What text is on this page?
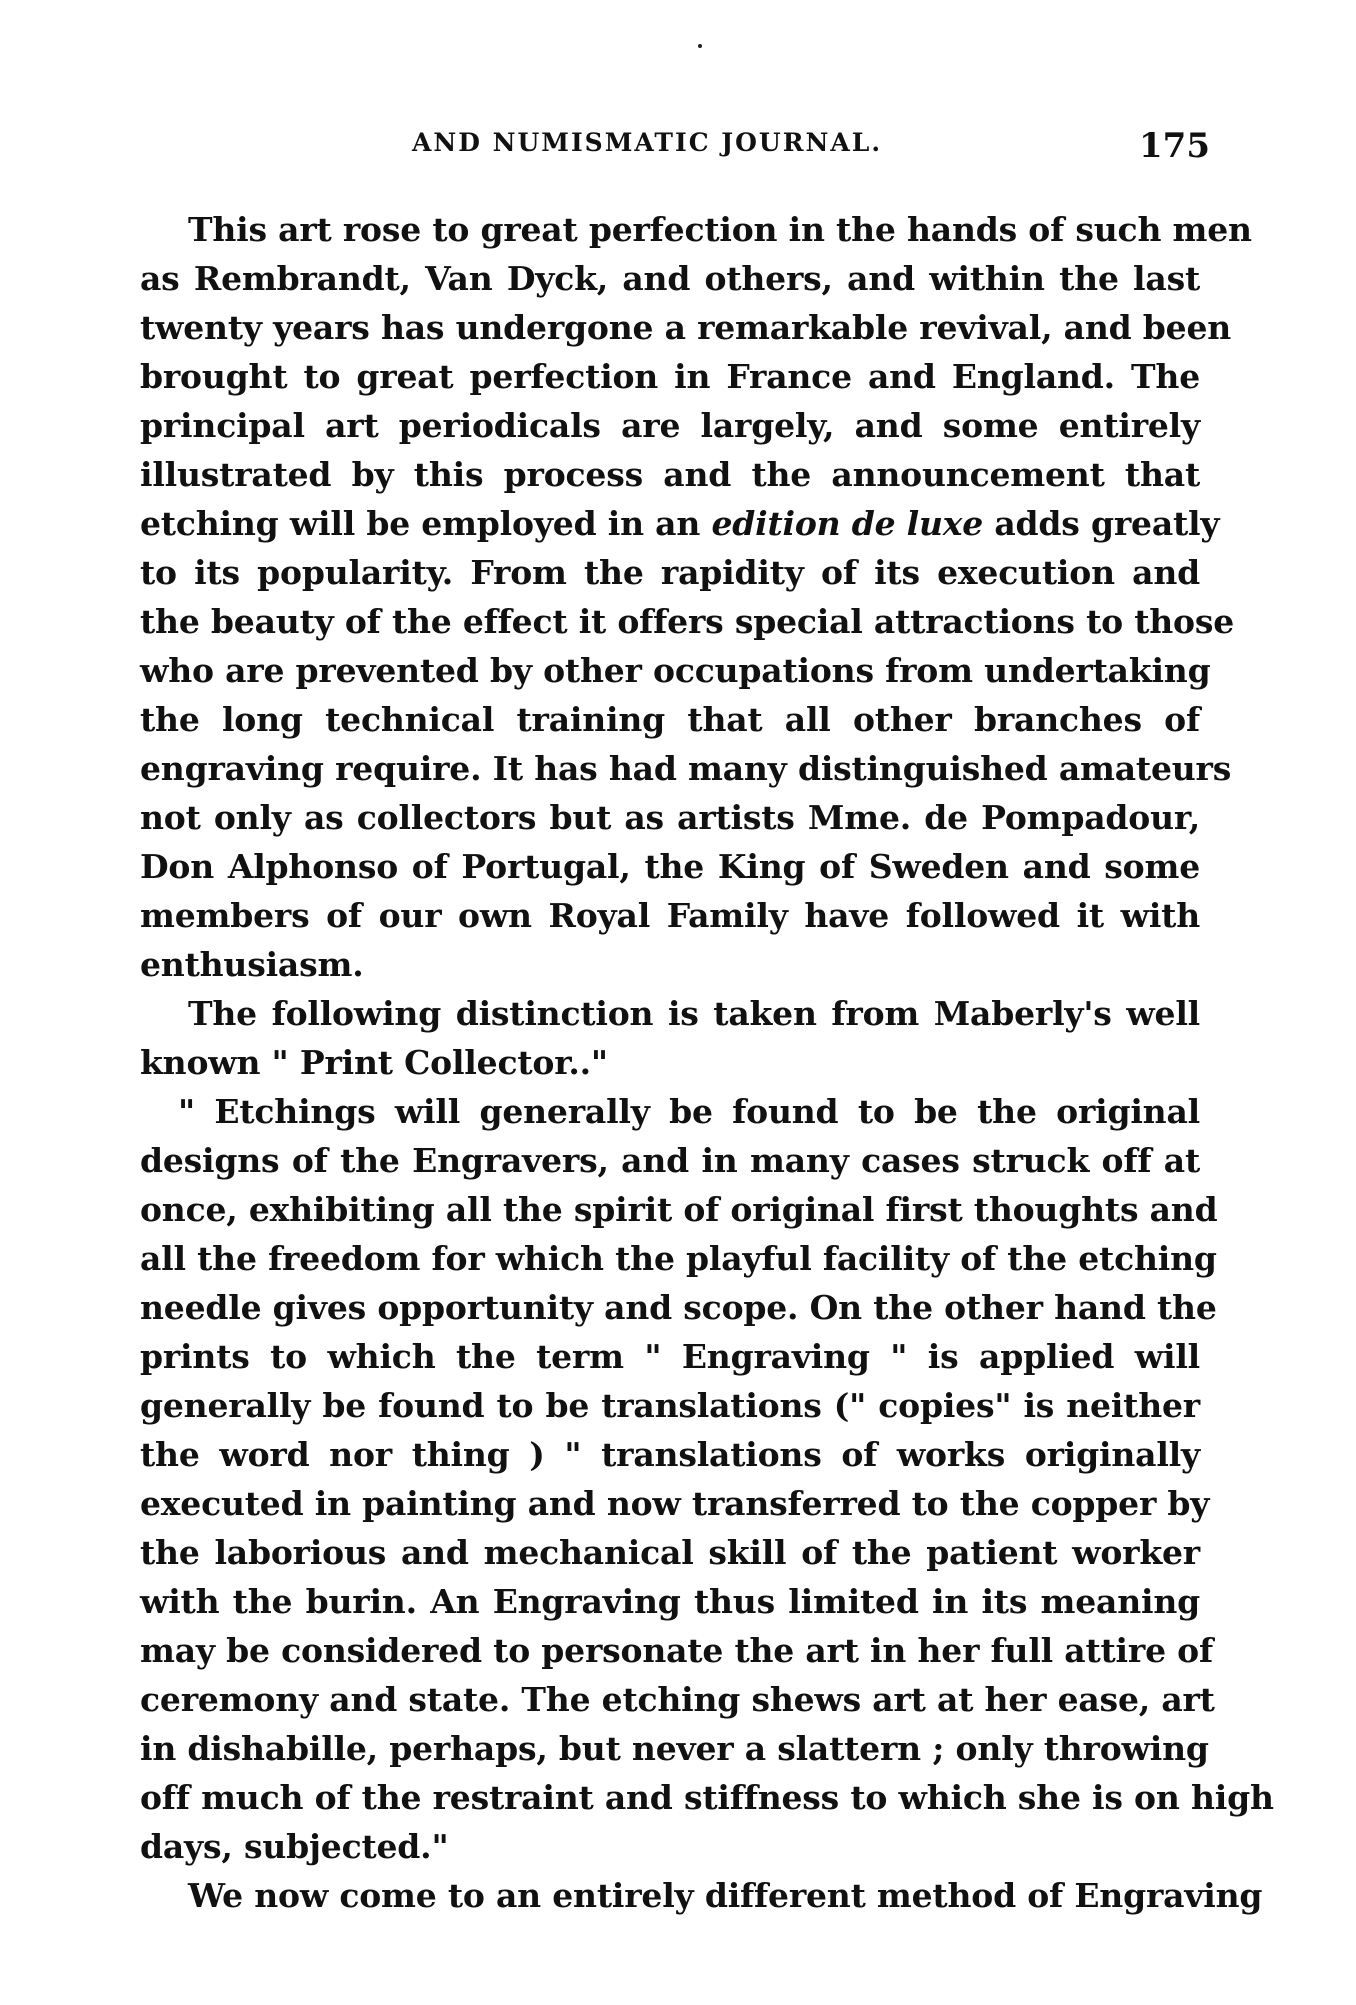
AND NUMISMATIC JOURNAL.	175
This art rose to great perfection in the hands of such men
as Rembrandt, Van Dyck, and others, and within the last
twenty years has undergone a remarkable revival, and been
brought to great perfection in France and England. The
principal art periodicals are largely, and some entirely
illustrated by this process and the announcement that
etching will be employed in an edition de luxe adds greatly
to its popularity. From the rapidity of its execution and
the beauty of the effect it offers special attractions to those
who are prevented by other occupations from undertaking
the long technical training that all other branches of
engraving require. It has had many distinguished amateurs
not only as collectors but as artists Mme. de Pompadour,
Don Alphonso of Portugal, the King of Sweden and some
members of our own Royal Family have followed it with
enthusiasm.
The following distinction is taken from Maberly's well
known " Print Collector.."
" Etchings will generally be found to be the original
designs of the Engravers, and in many cases struck off at
once, exhibiting all the spirit of original first thoughts and
all the freedom for which the playful facility of the etching
needle gives opportunity and scope. On the other hand the
prints to which the term " Engraving " is applied will
generally be found to be translations (" copies" is neither
the word nor thing ) " translations of works originally
executed in painting and now transferred to the copper by
the laborious and mechanical skill of the patient worker
with the burin. An Engraving thus limited in its meaning
may be considered to personate the art in her full attire of
ceremony and state. The etching shews art at her ease, art
in dishabille, perhaps, but never a slattern ; only throwing
off much of the restraint and stiffness to which she is on high
days, subjected."
We now come to an entirely different method of Engraving
